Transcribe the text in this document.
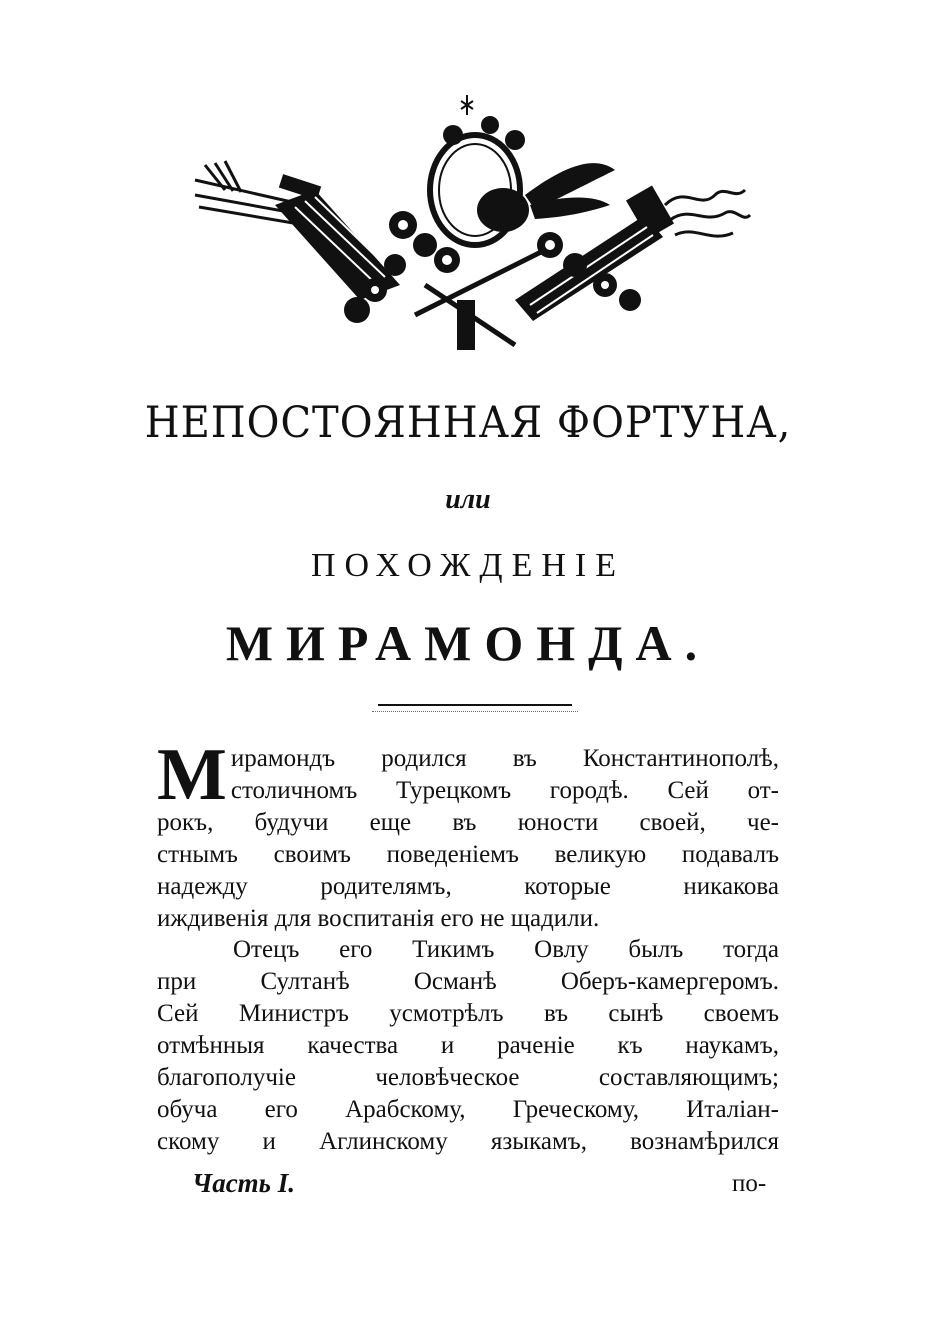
НЕПОСТОЯННАЯ ФОРТУНА,
или
ПОХОЖДЕНІЕ
МИРАМОНДА.
М ирамондъ родился въ Константинополѣ,
столичномъ Турецкомъ городѣ. Сей от-
рокъ, будучи еще въ юности своей, че-
стнымъ своимъ поведеніемъ великую подавалъ
надежду родителямъ, которые никакова
иждивенія для воспитанія его не щадили.
Отецъ его Тикимъ Овлу былъ тогда
при Султанѣ Османѣ Оберъ-камергеромъ.
Сей Министръ усмотрѣлъ въ сынѣ своемъ
отмѣнныя качества и раченіе къ наукамъ,
благополучіе человѣческое составляющимъ;
обуча его Арабскому, Греческому, Италіан-
скому и Аглинскому языкамъ, вознамѣрился
Часть I.	по-
